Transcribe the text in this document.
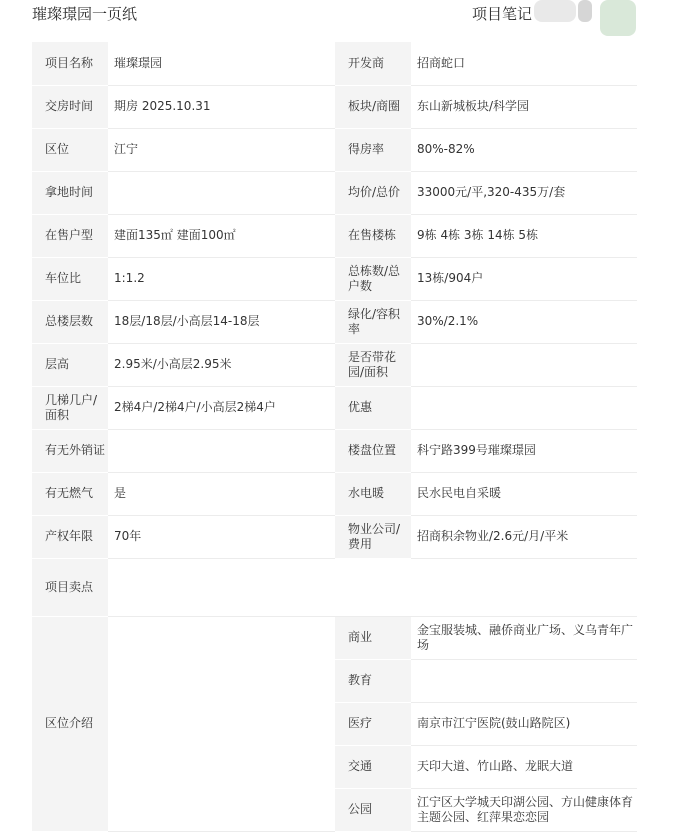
璀璨璟园一页纸	项目笔记
项目名称	璀璨璟园	开发商	招商蛇口
交房时间	期房 2025.10.31	板块/商圈	东山新城板块/科学园
区位	江宁	得房率	80%-82%
拿地时间		均价/总价	33000元/平,320-435万/套
在售户型	建面135㎡ 建面100㎡	在售楼栋	9栋 4栋 3栋 14栋 5栋
车位比	1:1.2	总栋数/总户数	13栋/904户
总楼层数	18层/18层/小高层14-18层	绿化/容积率	30%/2.1%
层高	2.95米/小高层2.95米	是否带花园/面积	
几梯几户/面积	2梯4户/2梯4户/小高层2梯4户	优惠	
有无外销证		楼盘位置	科宁路399号璀璨璟园
有无燃气	是	水电暖	民水民电自采暖
产权年限	70年	物业公司/费用	招商积余物业/2.6元/月/平米
项目卖点			
区位介绍		商业	金宝服装城、融侨商业广场、义乌青年广场
		教育	
		医疗	南京市江宁医院(鼓山路院区)
		交通	天印大道、竹山路、龙眠大道
		公园	江宁区大学城天印湖公园、方山健康体育主题公园、红萍果恋恋园
